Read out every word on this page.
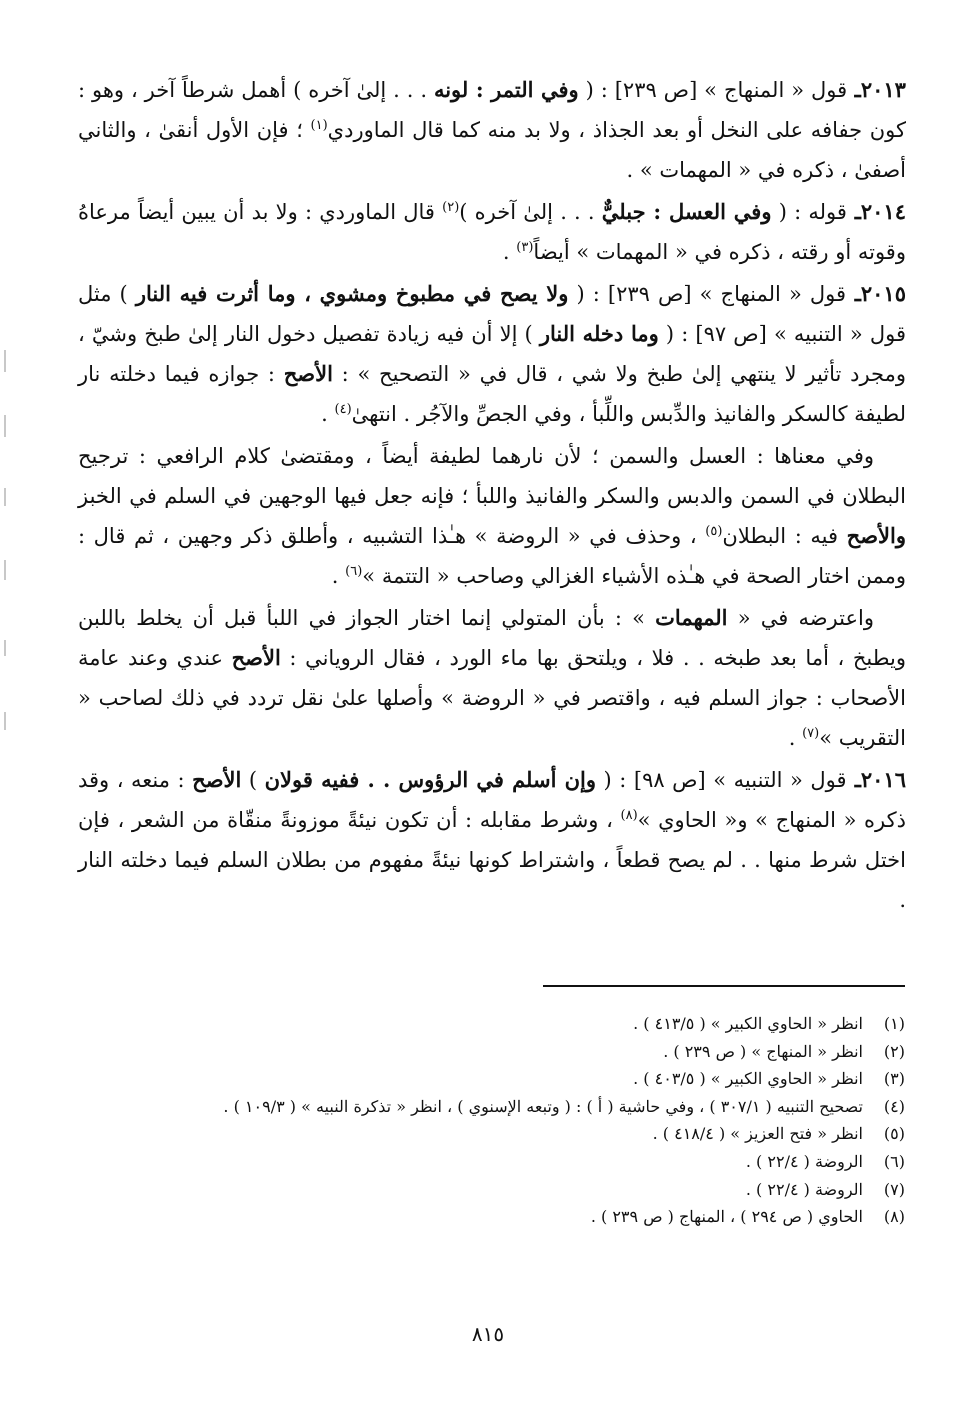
٢٠١٣ـ قول « المنهاج » [ص ٢٣٩] : ( وفي التمر : لونه . . . إلىٰ آخره ) أهمل شرطاً آخر ، وهو : كون جفافه على النخل أو بعد الجذاذ ، ولا بد منه كما قال الماوردي$^{(١)}$ ؛ فإن الأول أنقىٰ ، والثاني أصفىٰ ، ذكره في « المهمات » .

٢٠١٤ـ قوله : ( وفي العسل : جبليٌّ . . . إلىٰ آخره )$^{(٢)}$ قال الماوردي : ولا بد أن يبين أيضاً مرعاهُ وقوته أو رقته ، ذكره في « المهمات » أيضاً$^{(٣)}$ .

٢٠١٥ـ قول « المنهاج » [ص ٢٣٩] : ( ولا يصح في مطبوخ ومشوي ، وما أثرت فيه النار ) مثل قول « التنبيه » [ص ٩٧] : ( وما دخله النار ) إلا أن فيه زيادة تفصيل دخول النار إلىٰ طبخ وشيّ ، ومجرد تأثير لا ينتهي إلىٰ طبخ ولا شي ، قال في « التصحيح » : الأصح : جوازه فيما دخلته نار لطيفة كالسكر والفانيذ والدِّبس واللِّبأ ، وفي الجصِّ والآجُر . انتهىٰ$^{(٤)}$ .

وفي معناها : العسل والسمن ؛ لأن نارهما لطيفة أيضاً ، ومقتضىٰ كلام الرافعي : ترجيح البطلان في السمن والدبس والسكر والفانيذ واللبأ ؛ فإنه جعل فيها الوجهين في السلم في الخبز والأصح فيه : البطلان$^{(٥)}$ ، وحذف في « الروضة » هـٰذا التشبيه ، وأطلق ذكر وجهين ، ثم قال : وممن اختار الصحة في هـٰذه الأشياء الغزالي وصاحب « التتمة »$^{(٦)}$ .

واعترضه في « المهمات » : بأن المتولي إنما اختار الجواز في اللبأ قبل أن يخلط باللبن ويطبخ ، أما بعد طبخه . . فلا ، ويلتحق بها ماء الورد ، فقال الروياني : الأصح عندي وعند عامة الأصحاب : جواز السلم فيه ، واقتصر في « الروضة » وأصلها علىٰ نقل تردد في ذلك لصاحب « التقريب »$^{(٧)}$ .

٢٠١٦ـ قول « التنبيه » [ص ٩٨] : ( وإن أسلم في الرؤوس . . ففيه قولان ) الأصح : منعه ، وقد ذكره « المنهاج » و« الحاوي »$^{(٨)}$ ، وشرط مقابله : أن تكون نيئةً موزونةً منقّاة من الشعر ، فإن اختل شرط منها . . لم يصح قطعاً ، واشتراط كونها نيئةً مفهوم من بطلان السلم فيما دخلته النار .

(١)
انظر « الحاوي الكبير » ( ٤١٣/٥ ) .
(٢)
انظر « المنهاج » ( ص ٢٣٩ ) .
(٣)
انظر « الحاوي الكبير » ( ٤٠٣/٥ ) .
(٤)
تصحيح التنبيه ( ٣٠٧/١ ) ، وفي حاشية ( أ ) : ( وتبعه الإسنوي ) ، انظر « تذكرة النبيه » ( ١٠٩/٣ ) .
(٥)
انظر « فتح العزيز » ( ٤١٨/٤ ) .
(٦)
الروضة ( ٢٢/٤ ) .
(٧)
الروضة ( ٢٢/٤ ) .
(٨)
الحاوي ( ص ٢٩٤ ) ، المنهاج ( ص ٢٣٩ ) .
٨١٥
